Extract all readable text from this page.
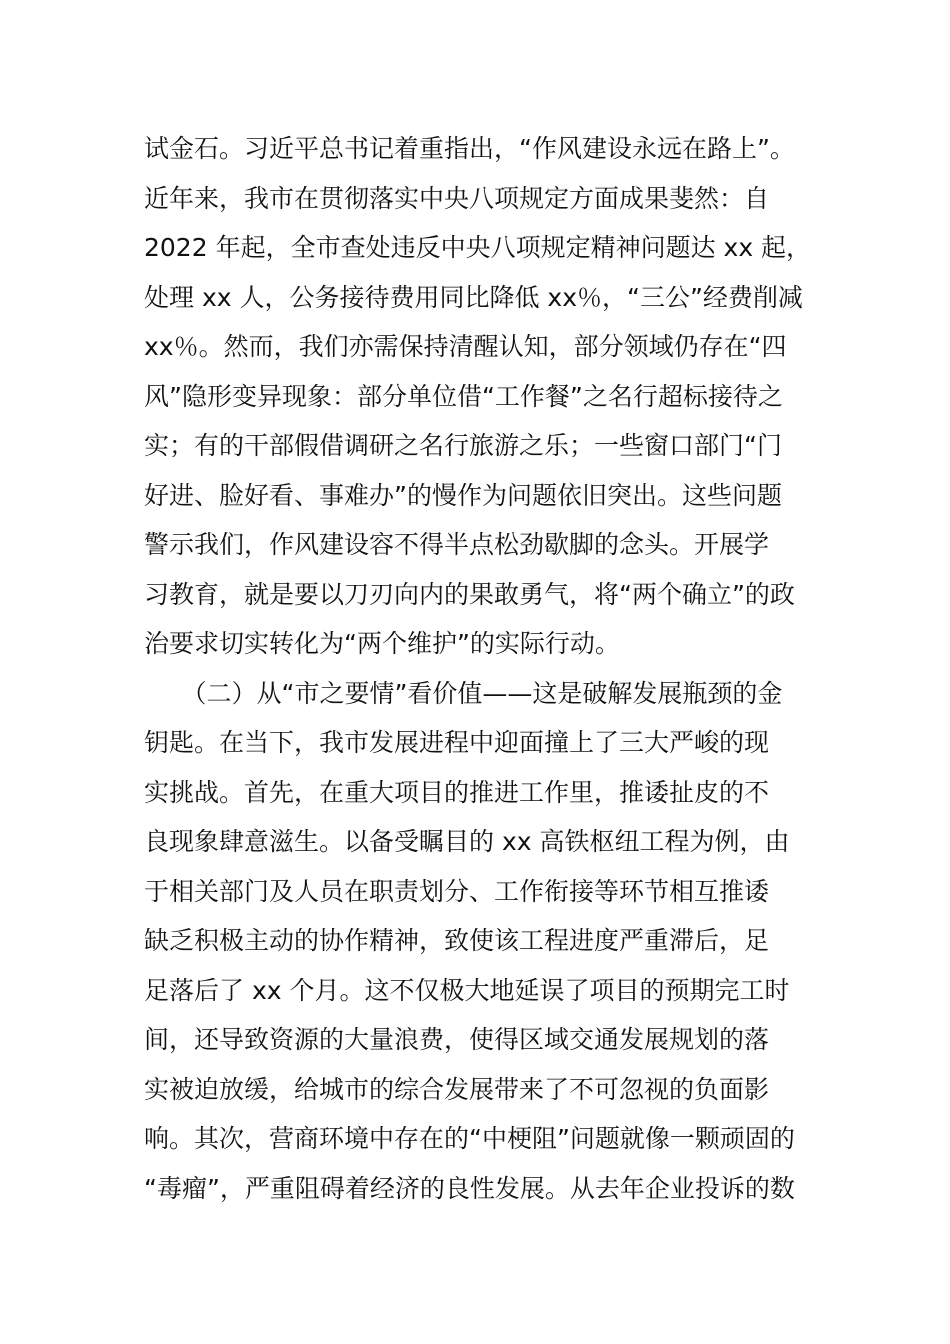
试金石。习近平总书记着重指出，“作风建设永远在路上”。
近年来，我市在贯彻落实中央八项规定方面成果斐然：自
2022 年起，全市查处违反中央八项规定精神问题达 xx 起，
处理 xx 人，公务接待费用同比降低 xx％，“三公”经费削减
xx％。然而，我们亦需保持清醒认知，部分领域仍存在“四
风”隐形变异现象：部分单位借“工作餐”之名行超标接待之
实；有的干部假借调研之名行旅游之乐；一些窗口部门“门
好进、脸好看、事难办”的慢作为问题依旧突出。这些问题
警示我们，作风建设容不得半点松劲歇脚的念头。开展学
习教育，就是要以刀刃向内的果敢勇气，将“两个确立”的政
治要求切实转化为“两个维护”的实际行动。
　　（二）从“市之要情”看价值——这是破解发展瓶颈的金
钥匙。在当下，我市发展进程中迎面撞上了三大严峻的现
实挑战。首先，在重大项目的推进工作里，推诿扯皮的不
良现象肆意滋生。以备受瞩目的 xx 高铁枢纽工程为例，由
于相关部门及人员在职责划分、工作衔接等环节相互推诿
缺乏积极主动的协作精神，致使该工程进度严重滞后，足
足落后了 xx 个月。这不仅极大地延误了项目的预期完工时
间，还导致资源的大量浪费，使得区域交通发展规划的落
实被迫放缓，给城市的综合发展带来了不可忽视的负面影
响。其次，营商环境中存在的“中梗阻”问题就像一颗顽固的
“毒瘤”，严重阻碍着经济的良性发展。从去年企业投诉的数
